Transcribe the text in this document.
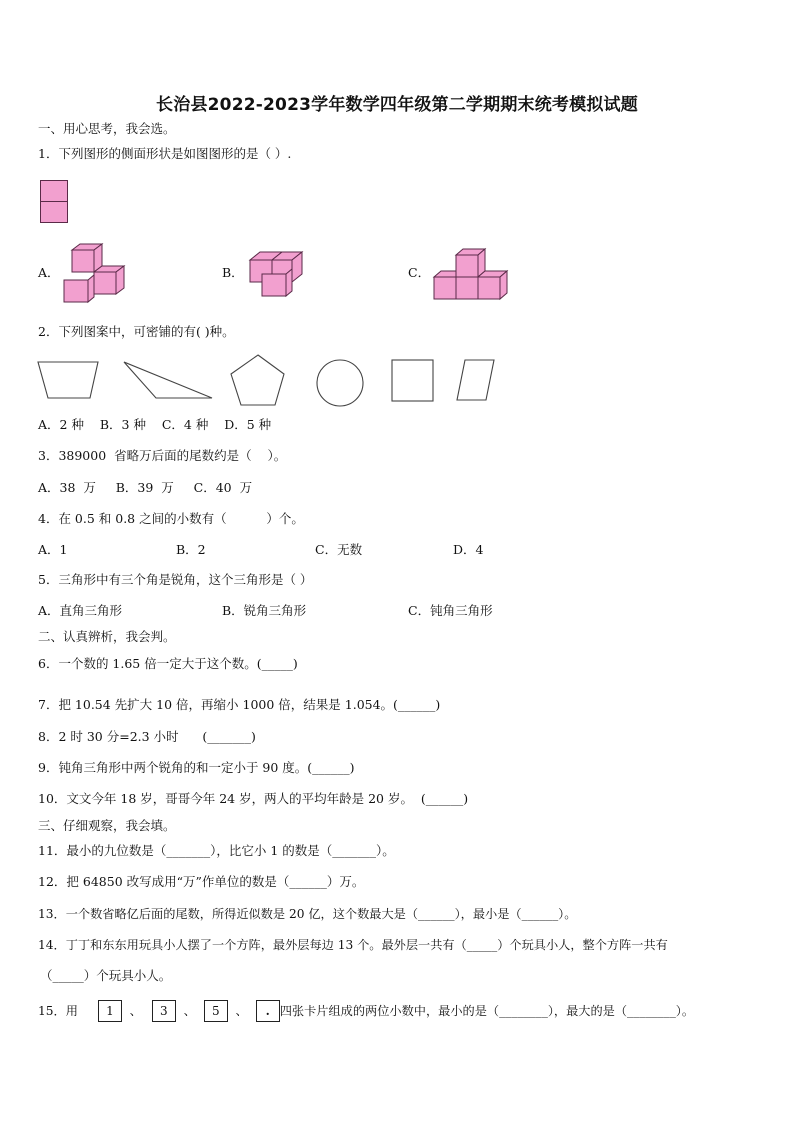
长治县2022-2023学年数学四年级第二学期期末统考模拟试题
一、用心思考，我会选。
1．下列图形的侧面形状是如图图形的是（ ）.
A．	B．	C．
2．下列图案中，可密铺的有( )种。
A．2 种    B．3 种    C．4 种    D．5 种
3．389000  省略万后面的尾数约是（    ）。
A．38  万     B．39  万     C．40  万
4．在 0.5 和 0.8 之间的小数有（          ）个。
A．1	B．2	C．无数	D．4
5．三角形中有三个角是锐角，这个三角形是（ ）
A．直角三角形	B．锐角三角形	C．钝角三角形
二、认真辨析，我会判。
6．一个数的 1.65 倍一定大于这个数。(_____)
7．把 10.54 先扩大 10 倍，再缩小 1000 倍，结果是 1.054。(______)
8．2 时 30 分=2.3 小时      (_______)
9．钝角三角形中两个锐角的和一定小于 90 度。(______)
10．文文今年 18 岁，哥哥今年 24 岁，两人的平均年龄是 20 岁。  (______)
三、仔细观察，我会填。
11．最小的九位数是（_______），比它小 1 的数是（_______）。
12．把 64850 改写成用“万”作单位的数是（______）万。
13．一个数省略亿后面的尾数，所得近似数是 20 亿，这个数最大是（______），最小是（______）。
14．丁丁和东东用玩具小人摆了一个方阵，最外层每边 13 个。最外层一共有（_____）个玩具小人，整个方阵一共有
（_____）个玩具小人。
15．用	1 、	3 、	5 、	. 四张卡片组成的两位小数中，最小的是（________），最大的是（________）。
